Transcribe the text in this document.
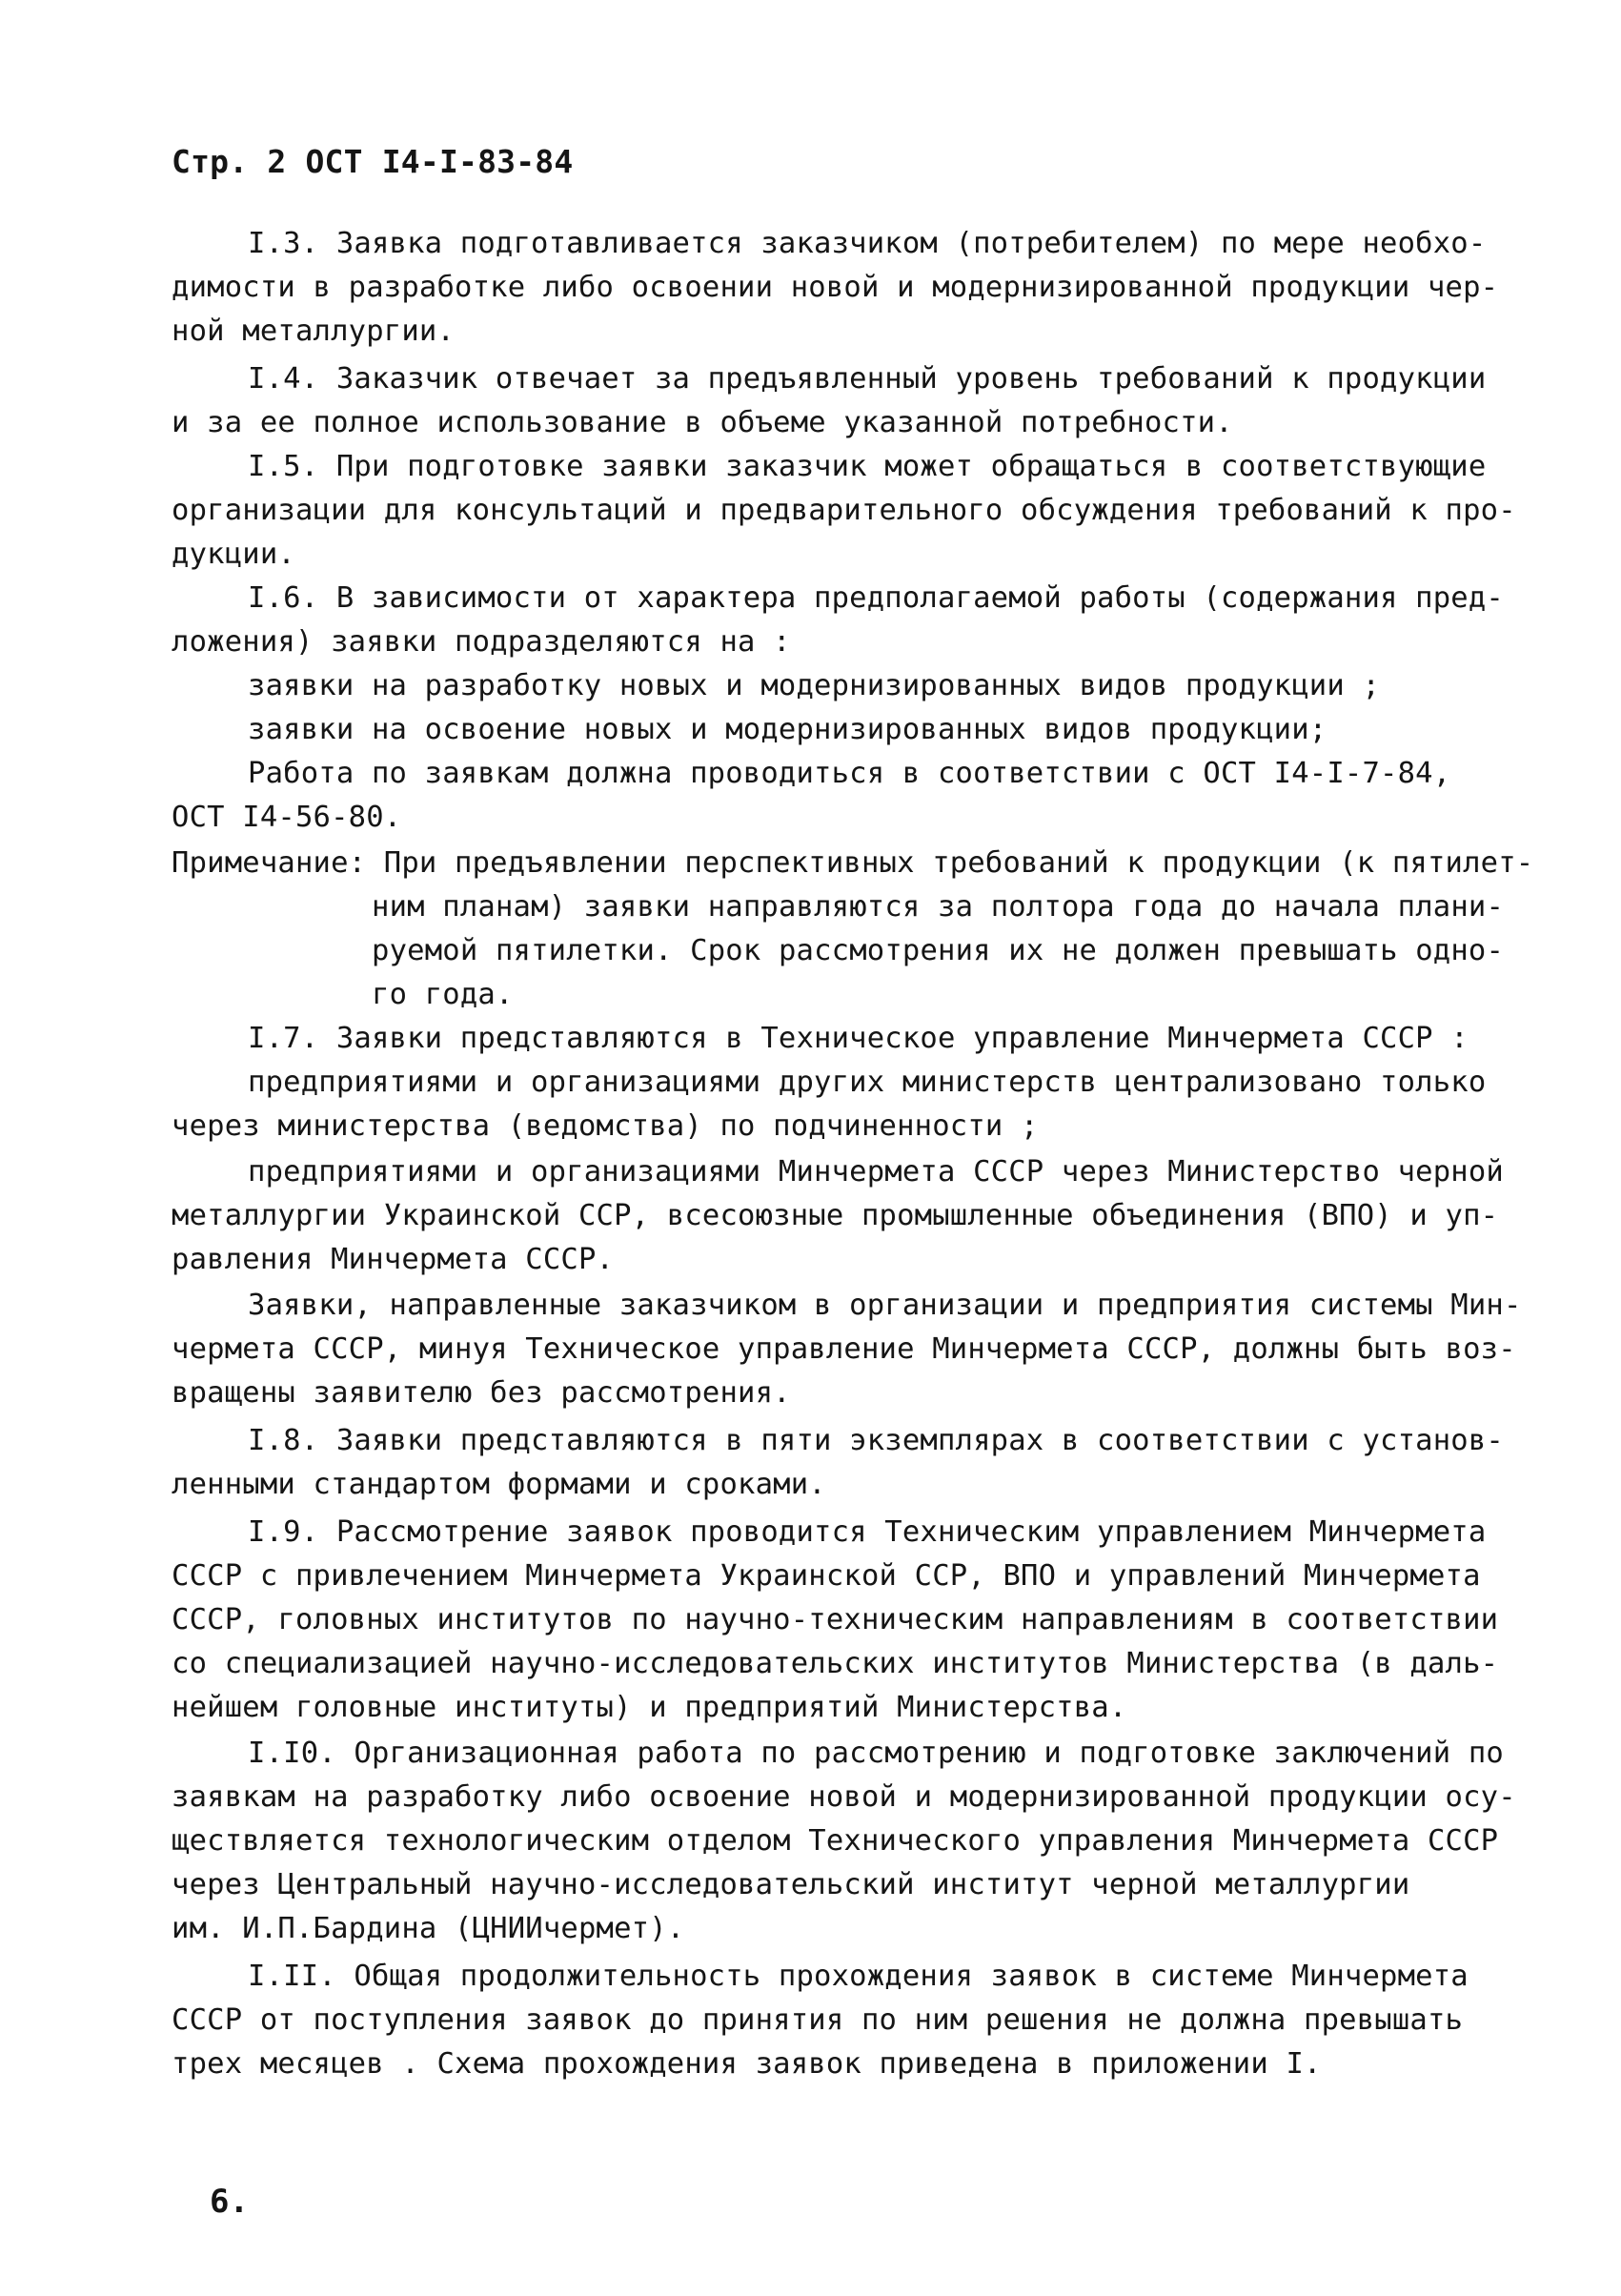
Стр. 2 ОСТ I4-I-83-84
I.3. Заявка подготавливается заказчиком (потребителем) по мере необхо-
димости в разработке либо освоении новой и модернизированной продукции чер-
ной металлургии.
I.4. Заказчик отвечает за предъявленный уровень требований к продукции
и за ее полное использование в объеме указанной потребности.
I.5. При подготовке заявки заказчик может обращаться в соответствующие
организации для консультаций и предварительного обсуждения требований к про-
дукции.
I.6. В зависимости от характера предполагаемой работы (содержания пред-
ложения) заявки подразделяются на :
заявки на разработку новых и модернизированных видов продукции ;
заявки на освоение новых и модернизированных видов продукции;
Работа по заявкам должна проводиться в соответствии с ОСТ I4-I-7-84,
ОСТ I4-56-80.
Примечание: При предъявлении перспективных требований к продукции (к пятилет-
ним планам) заявки направляются за полтора года до начала плани-
руемой пятилетки. Срок рассмотрения их не должен превышать одно-
го года.
I.7. Заявки представляются в Техническое управление Минчермета СССР :
предприятиями и организациями других министерств централизовано только
через министерства (ведомства) по подчиненности ;
предприятиями и организациями Минчермета СССР через Министерство черной
металлургии Украинской ССР, всесоюзные промышленные объединения (ВПО) и уп-
равления Минчермета СССР.
Заявки, направленные заказчиком в организации и предприятия системы Мин-
чермета СССР, минуя Техническое управление Минчермета СССР, должны быть воз-
вращены заявителю без рассмотрения.
I.8. Заявки представляются в пяти экземплярах в соответствии с установ-
ленными стандартом формами и сроками.
I.9. Рассмотрение заявок проводится Техническим управлением Минчермета
СССР с привлечением Минчермета Украинской ССР, ВПО и управлений Минчермета
СССР, головных институтов по научно-техническим направлениям в соответствии
со специализацией научно-исследовательских институтов Министерства (в даль-
нейшем головные институты) и предприятий Министерства.
I.I0. Организационная работа по рассмотрению и подготовке заключений по
заявкам на разработку либо освоение новой и модернизированной продукции осу-
ществляется технологическим отделом Технического управления Минчермета СССР
через Центральный научно-исследовательский институт черной металлургии
им. И.П.Бардина (ЦНИИчермет).
I.II. Общая продолжительность прохождения заявок в системе Минчермета
СССР от поступления заявок до принятия по ним решения не должна превышать
трех месяцев . Схема прохождения заявок приведена в приложении I.
6.
